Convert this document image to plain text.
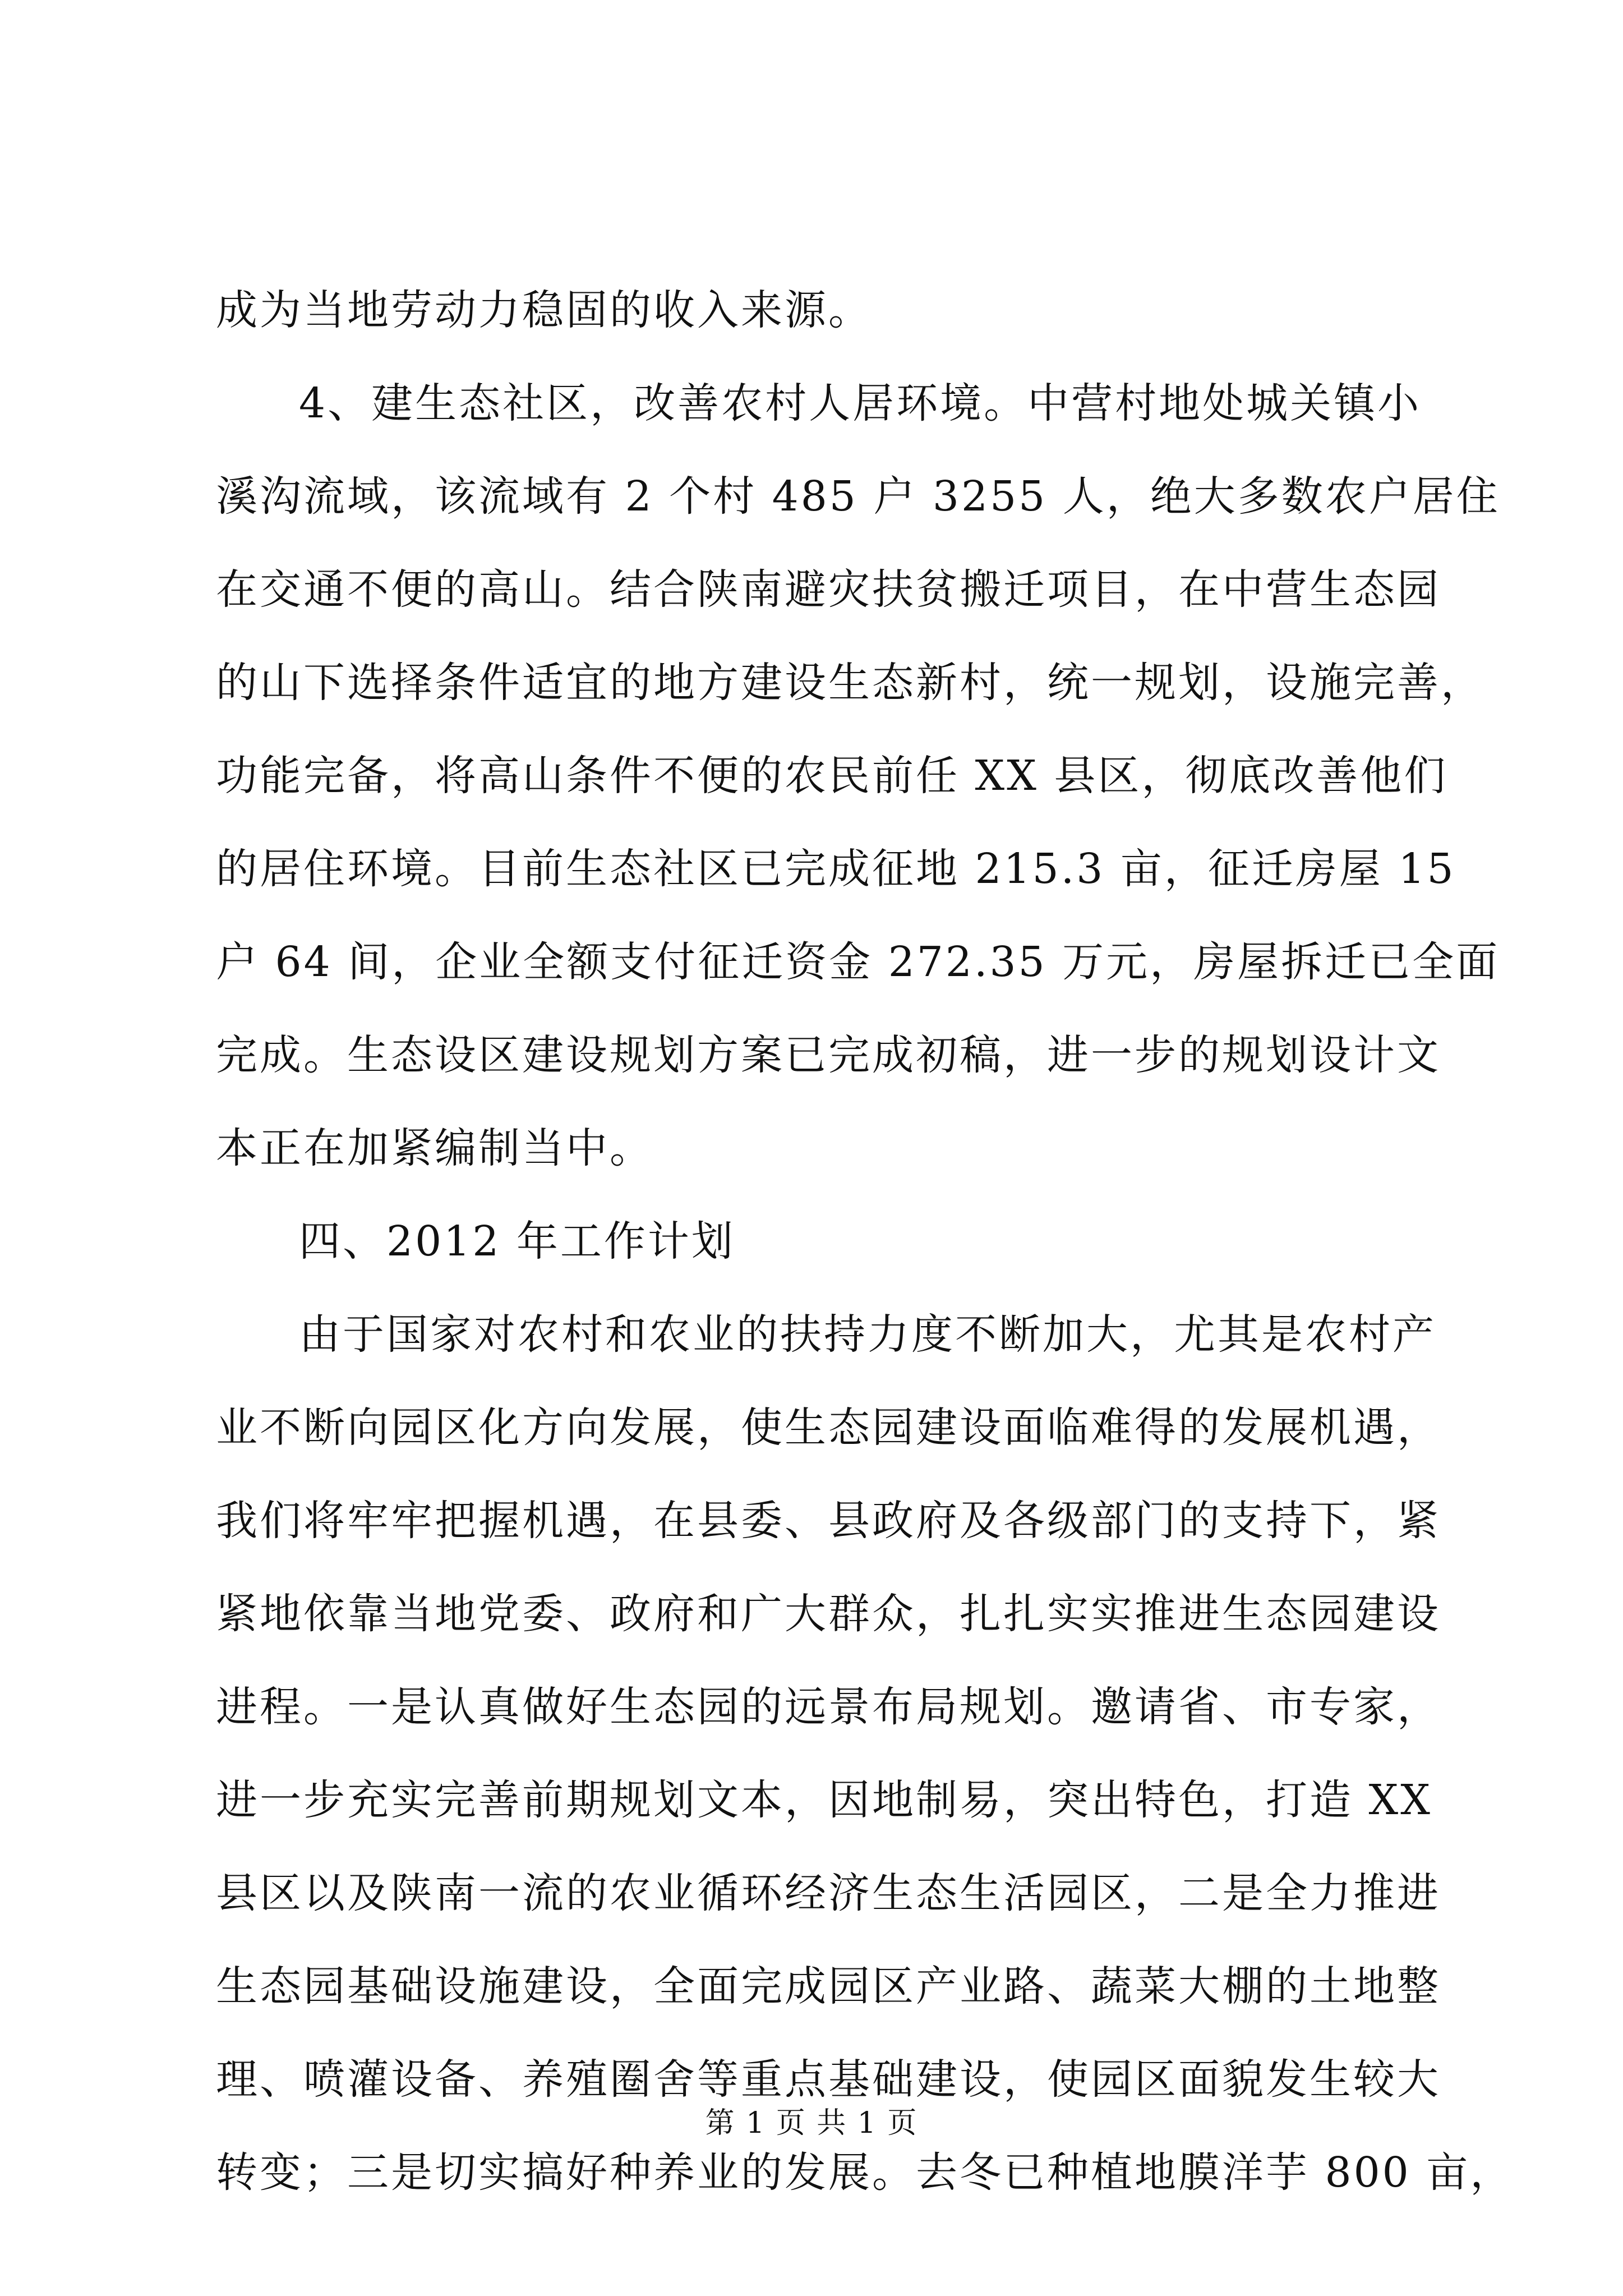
成为当地劳动力稳固的收入来源。
4、建生态社区，改善农村人居环境。中营村地处城关镇小
溪沟流域，该流域有 2 个村 485 户 3255 人，绝大多数农户居住
在交通不便的高山。结合陕南避灾扶贫搬迁项目，在中营生态园
的山下选择条件适宜的地方建设生态新村，统一规划，设施完善，
功能完备，将高山条件不便的农民前任 XX 县区，彻底改善他们
的居住环境。目前生态社区已完成征地 215.3 亩，征迁房屋 15
户 64 间，企业全额支付征迁资金 272.35 万元，房屋拆迁已全面
完成。生态设区建设规划方案已完成初稿，进一步的规划设计文
本正在加紧编制当中。
四、2012 年工作计划
由于国家对农村和农业的扶持力度不断加大，尤其是农村产
业不断向园区化方向发展，使生态园建设面临难得的发展机遇，
我们将牢牢把握机遇，在县委、县政府及各级部门的支持下，紧
紧地依靠当地党委、政府和广大群众，扎扎实实推进生态园建设
进程。一是认真做好生态园的远景布局规划。邀请省、市专家，
进一步充实完善前期规划文本，因地制易，突出特色，打造 XX
县区以及陕南一流的农业循环经济生态生活园区，二是全力推进
生态园基础设施建设，全面完成园区产业路、蔬菜大棚的土地整
理、喷灌设备、养殖圈舍等重点基础建设，使园区面貌发生较大
转变；三是切实搞好种养业的发展。去冬已种植地膜洋芋 800 亩，
第 1 页 共 1 页
